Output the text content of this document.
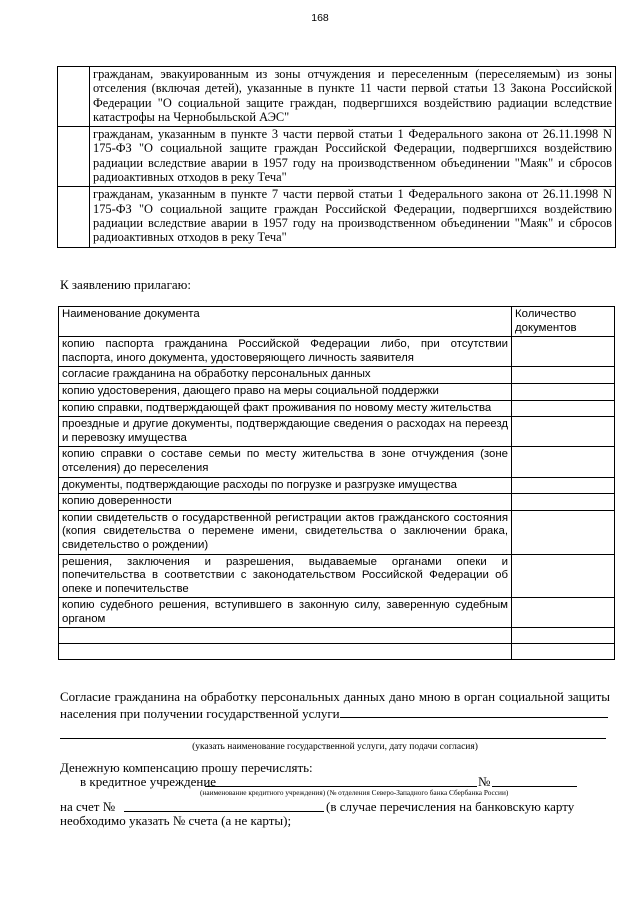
168
	гражданам, эвакуированным из зоны отчуждения и переселенным (переселяемым) из зоны отселения (включая детей), указанные в пункте 11 части первой статьи 13 Закона Российской Федерации "О социальной защите граждан, подвергшихся воздействию радиации вследствие катастрофы на Чернобыльской АЭС"
	гражданам, указанным в пункте 3 части первой статьи 1 Федерального закона от 26.11.1998 N 175-ФЗ "О социальной защите граждан Российской Федерации, подвергшихся воздействию радиации вследствие аварии в 1957 году на производственном объединении "Маяк" и сбросов радиоактивных отходов в реку Теча"
	гражданам, указанным в пункте 7 части первой статьи 1 Федерального закона от 26.11.1998 N 175-ФЗ "О социальной защите граждан Российской Федерации, подвергшихся воздействию радиации вследствие аварии в 1957 году на производственном объединении "Маяк" и сбросов радиоактивных отходов в реку Теча"
К заявлению прилагаю:
Наименование документа	Количество документов
копию паспорта гражданина Российской Федерации либо, при отсутствии паспорта, иного документа, удостоверяющего личность заявителя	
согласие гражданина на обработку персональных данных	
копию удостоверения, дающего право на меры социальной поддержки	
копию справки, подтверждающей факт проживания по новому месту жительства	
проездные и другие документы, подтверждающие сведения о расходах на переезд и перевозку имущества	
копию справки о составе семьи по месту жительства в зоне отчуждения (зоне отселения) до переселения	
документы, подтверждающие расходы по погрузке и разгрузке имущества	
копию доверенности	
копии свидетельств о государственной регистрации актов гражданского состояния (копия свидетельства о перемене имени, свидетельства о заключении брака, свидетельство о рождении)	
решения, заключения и разрешения, выдаваемые органами опеки и попечительства в соответствии с законодательством Российской Федерации об опеке и попечительстве	
копию судебного решения, вступившего в законную силу, заверенную судебным органом	

Согласие гражданина на обработку персональных данных дано мною в орган социальной защиты населения при получении государственной услуги
(указать наименование государственной услуги, дату подачи согласия)
Денежную компенсацию прошу перечислять:
в кредитное учреждение	№
(наименование кредитного учреждения) (№ отделения Северо-Западного банка Сбербанка России)
на счет №	(в случае перечисления на банковскую карту
необходимо указать № счета (а не карты);
